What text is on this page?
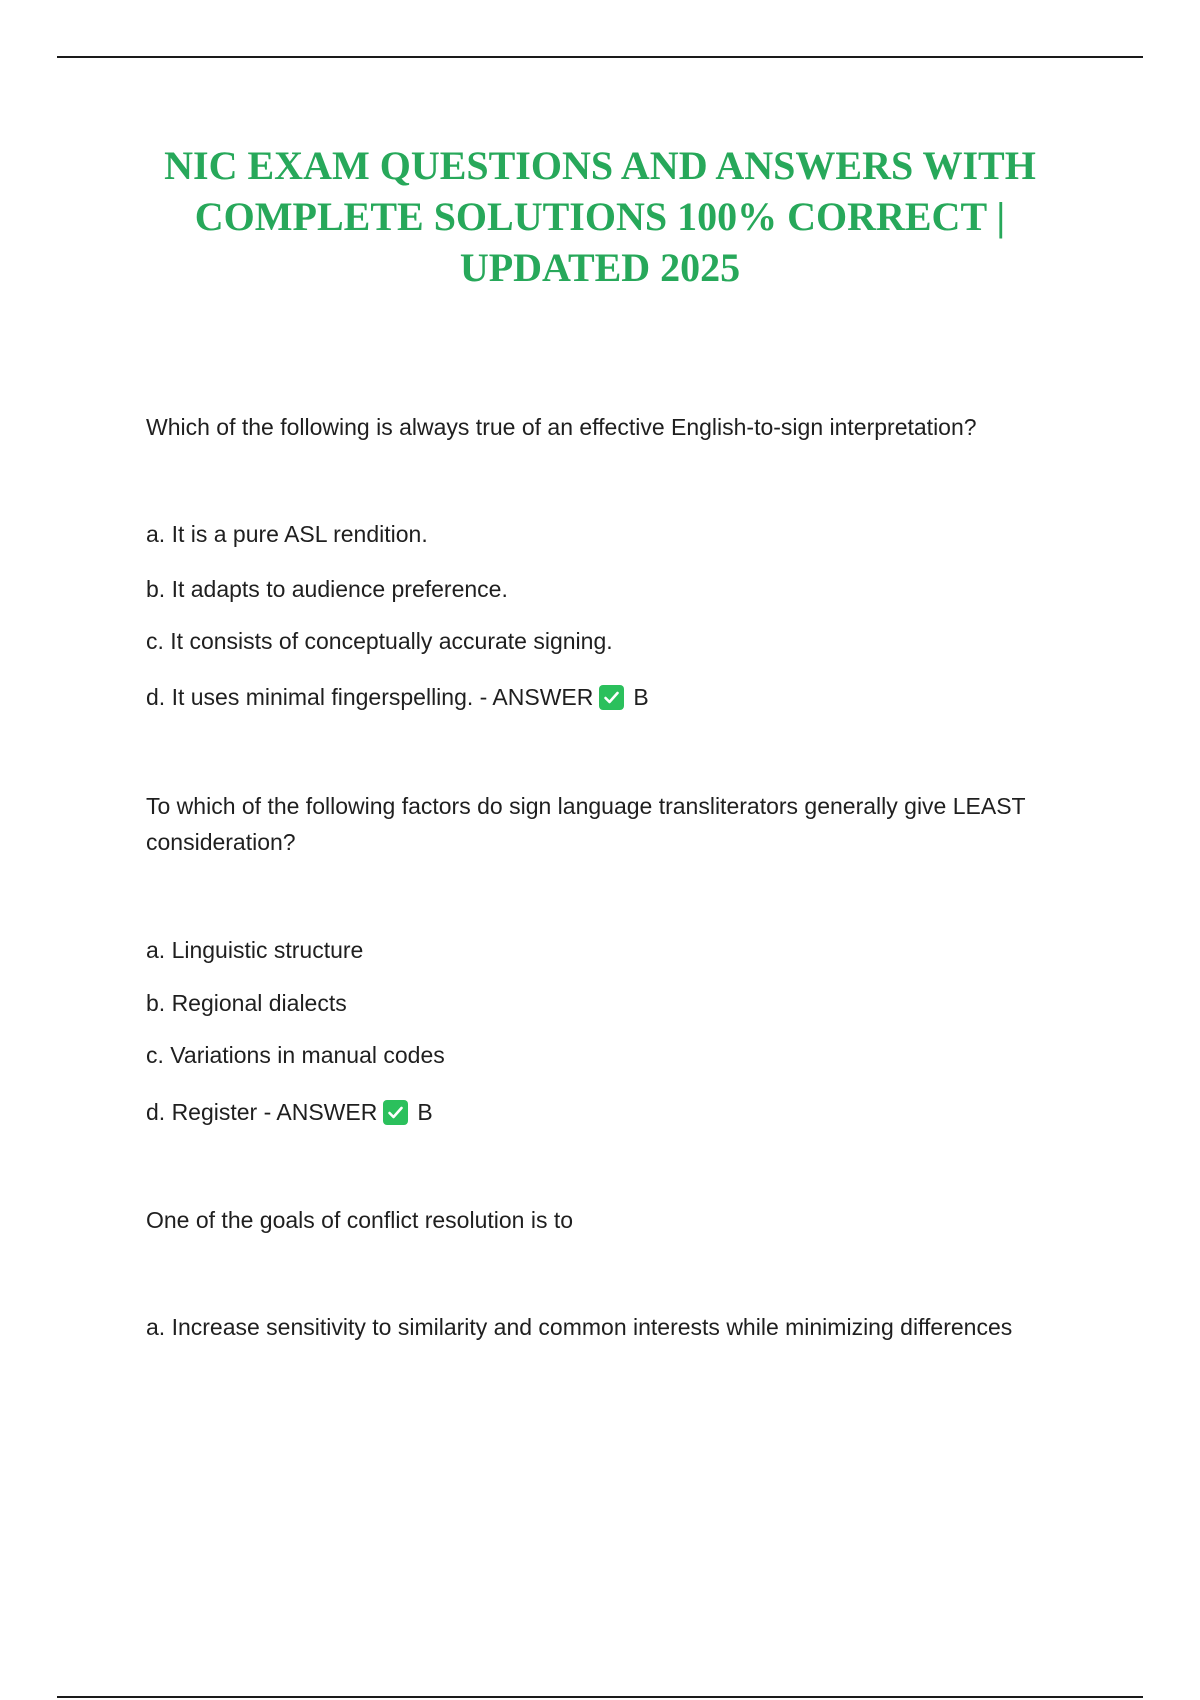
NIC EXAM QUESTIONS AND ANSWERS WITH
COMPLETE SOLUTIONS 100% CORRECT |
UPDATED 2025

Which of the following is always true of an effective English-to-sign interpretation?

a. It is a pure ASL rendition.

b. It adapts to audience preference.

c. It consists of conceptually accurate signing.

d. It uses minimal fingerspelling. - ANSWER B

To which of the following factors do sign language transliterators generally give LEAST consideration?

a. Linguistic structure

b. Regional dialects

c. Variations in manual codes

d. Register - ANSWER B

One of the goals of conflict resolution is to

a. Increase sensitivity to similarity and common interests while minimizing differences
